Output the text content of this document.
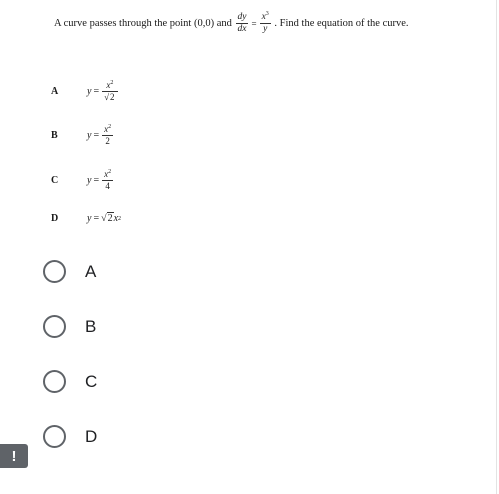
A curve passes through the point (0,0) and
$\frac{dy}{dx} = \frac{x^3}{y}$
. Find the equation of the curve.
A	$y = \frac{x^2}{√2}$
B	$y = \frac{x^2}{2}$
C	$y = \frac{x^2}{4}$
D	y = √2 x 2
A
B
C
D
!
